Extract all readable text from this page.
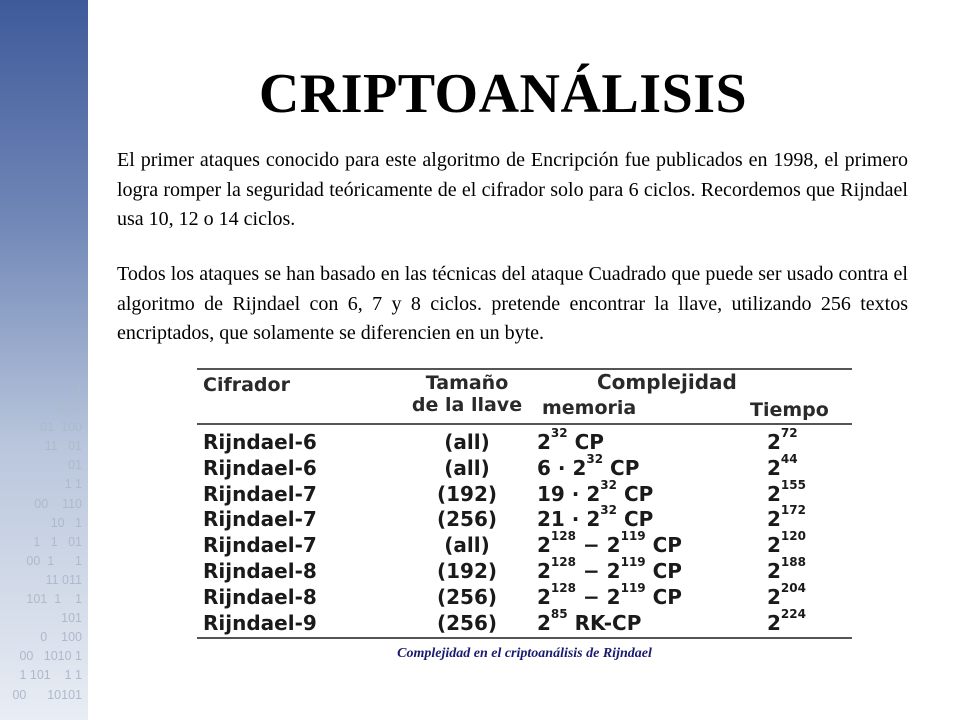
1
0 01
01  100
11   01
01
1 1
00    110
10   1
1   1   01
00  1      1
11 011
101  1    1
101
0    100
00   1010 1
1 101    1 1
00      10101
CRIPTOANÁLISIS
El primer ataques conocido para este algoritmo de Encripción fue publicados en 1998, el primero logra romper la seguridad teóricamente de el cifrador solo para 6 ciclos. Recordemos que Rijndael usa 10, 12 o 14 ciclos.
Todos los ataques se han basado en las técnicas del ataque Cuadrado que puede ser usado contra el algoritmo de Rijndael con 6, 7 y 8 ciclos. pretende encontrar la llave, utilizando 256 textos encriptados, que solamente se diferencien en un byte.
Cifrador	Tamaño
de la llave
Complejidad
memoria	Tiempo
Rijndael-6	(all)	$2^{32}$ CP	$2^{72}$
Rijndael-6	(all)	$6 \cdot 2^{32}$ CP	$2^{44}$
Rijndael-7	(192)	$19 \cdot 2^{32}$ CP	$2^{155}$
Rijndael-7	(256)	$21 \cdot 2^{32}$ CP	$2^{172}$
Rijndael-7	(all)	$2^{128} - 2^{119}$ CP	$2^{120}$
Rijndael-8	(192)	$2^{128} - 2^{119}$ CP	$2^{188}$
Rijndael-8	(256)	$2^{128} - 2^{119}$ CP	$2^{204}$
Rijndael-9	(256)	$2^{85}$ RK-CP	$2^{224}$
Complejidad en el criptoanálisis de Rijndael
